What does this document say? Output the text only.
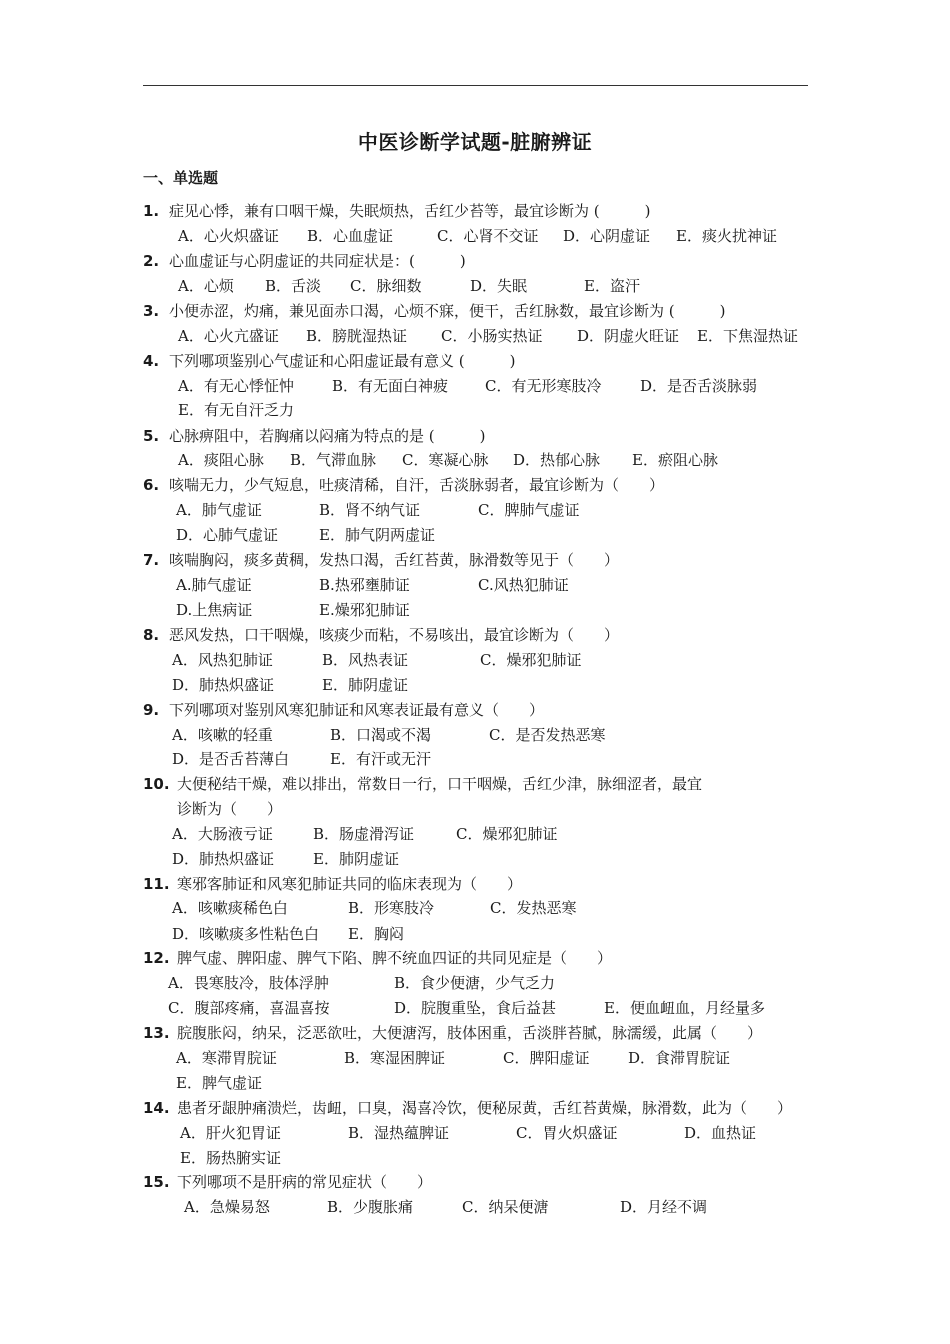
中医诊断学试题-脏腑辨证
一、单选题
1. 症见心悸，兼有口咽干燥，失眠烦热，舌红少苔等，最宜诊断为 (　　　)
A．心火炽盛证 B．心血虚证	C．心肾不交证 D．心阴虚证 E．痰火扰神证
2. 心血虚证与心阴虚证的共同症状是：(　　　)
A．心烦 B．舌淡 C．脉细数	D．失眠	E．盗汗
3. 小便赤涩，灼痛，兼见面赤口渴，心烦不寐，便干，舌红脉数，最宜诊断为 (　　　)
A．心火亢盛证 B．膀胱湿热证 C．小肠实热证 D．阴虚火旺证 E．下焦湿热证
4. 下列哪项鉴别心气虚证和心阳虚证最有意义 (　　　)
A．有无心悸怔忡	B．有无面白神疲 C．有无形寒肢冷	D．是否舌淡脉弱
E．有无自汗乏力
5. 心脉痹阻中，若胸痛以闷痛为特点的是 (　　　)
A．痰阻心脉 B．气滞血脉 C．寒凝心脉 D．热郁心脉 E．瘀阻心脉
6. 咳喘无力，少气短息，吐痰清稀，自汗，舌淡脉弱者，最宜诊断为（　　）
A．肺气虚证	B．肾不纳气证	C．脾肺气虚证
D．心肺气虚证	E．肺气阴两虚证
7. 咳喘胸闷，痰多黄稠，发热口渴，舌红苔黄，脉滑数等见于（　　）
A.肺气虚证	B.热邪壅肺证	C.风热犯肺证
D.上焦病证	E.燥邪犯肺证
8. 恶风发热，口干咽燥，咳痰少而粘，不易咳出，最宜诊断为（　　）
A．风热犯肺证	B．风热表证	C．燥邪犯肺证
D．肺热炽盛证	E．肺阴虚证
9. 下列哪项对鉴别风寒犯肺证和风寒表证最有意义（　　）
A．咳嗽的轻重	B．口渴或不渴	C．是否发热恶寒
D．是否舌苔薄白	E．有汗或无汗
10. 大便秘结干燥，难以排出，常数日一行，口干咽燥，舌红少津，脉细涩者，最宜
诊断为（　　）
A．大肠液亏证	B．肠虚滑泻证	C．燥邪犯肺证
D．肺热炽盛证	E．肺阴虚证
11. 寒邪客肺证和风寒犯肺证共同的临床表现为（　　）
A．咳嗽痰稀色白	B．形寒肢冷	C．发热恶寒
D．咳嗽痰多性粘色白 E．胸闷
12. 脾气虚、脾阳虚、脾气下陷、脾不统血四证的共同见症是（　　）
A．畏寒肢冷，肢体浮肿	B．食少便溏，少气乏力
C．腹部疼痛，喜温喜按	D．脘腹重坠，食后益甚	E．便血衄血，月经量多
13. 脘腹胀闷，纳呆，泛恶欲吐，大便溏泻，肢体困重，舌淡胖苔腻，脉濡缓，此属（　　）
A．寒滞胃脘证	B．寒湿困脾证	C．脾阳虚证	D．食滞胃脘证
E．脾气虚证
14. 患者牙龈肿痛溃烂，齿衄，口臭，渴喜冷饮，便秘尿黄，舌红苔黄燥，脉滑数，此为（　　）
A．肝火犯胃证	B．湿热蕴脾证	C．胃火炽盛证	D．血热证
E．肠热腑实证
15. 下列哪项不是肝病的常见症状（　　）
A．急燥易怒	B．少腹胀痛	C．纳呆便溏	D．月经不调
